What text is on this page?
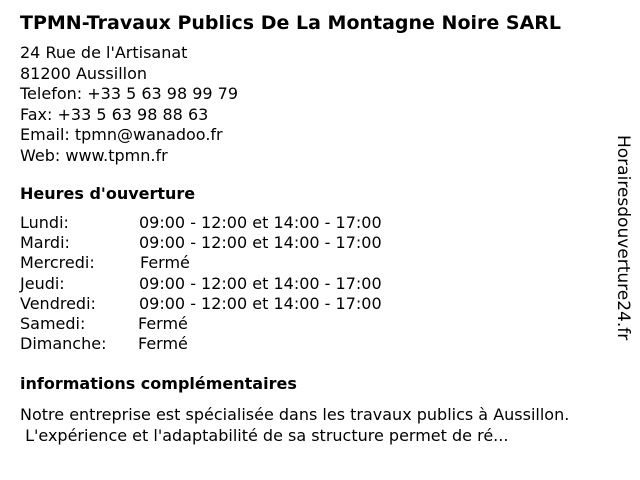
TPMN-Travaux Publics De La Montagne Noire SARL
24 Rue de l'Artisanat
81200 Aussillon
Telefon: +33 5 63 98 99 79
Fax: +33 5 63 98 88 63
Email: tpmn@wanadoo.fr
Web: www.tpmn.fr
Heures d'ouverture
Lundi:	09:00 - 12:00 et 14:00 - 17:00
Mardi:	09:00 - 12:00 et 14:00 - 17:00
Mercredi:	Fermé
Jeudi:	09:00 - 12:00 et 14:00 - 17:00
Vendredi:	09:00 - 12:00 et 14:00 - 17:00
Samedi:	Fermé
Dimanche: Fermé
informations complémentaires
Notre entreprise est spécialisée dans les travaux publics à Aussillon.
L'expérience et l'adaptabilité de sa structure permet de ré...
Horairesdouverture24.fr
